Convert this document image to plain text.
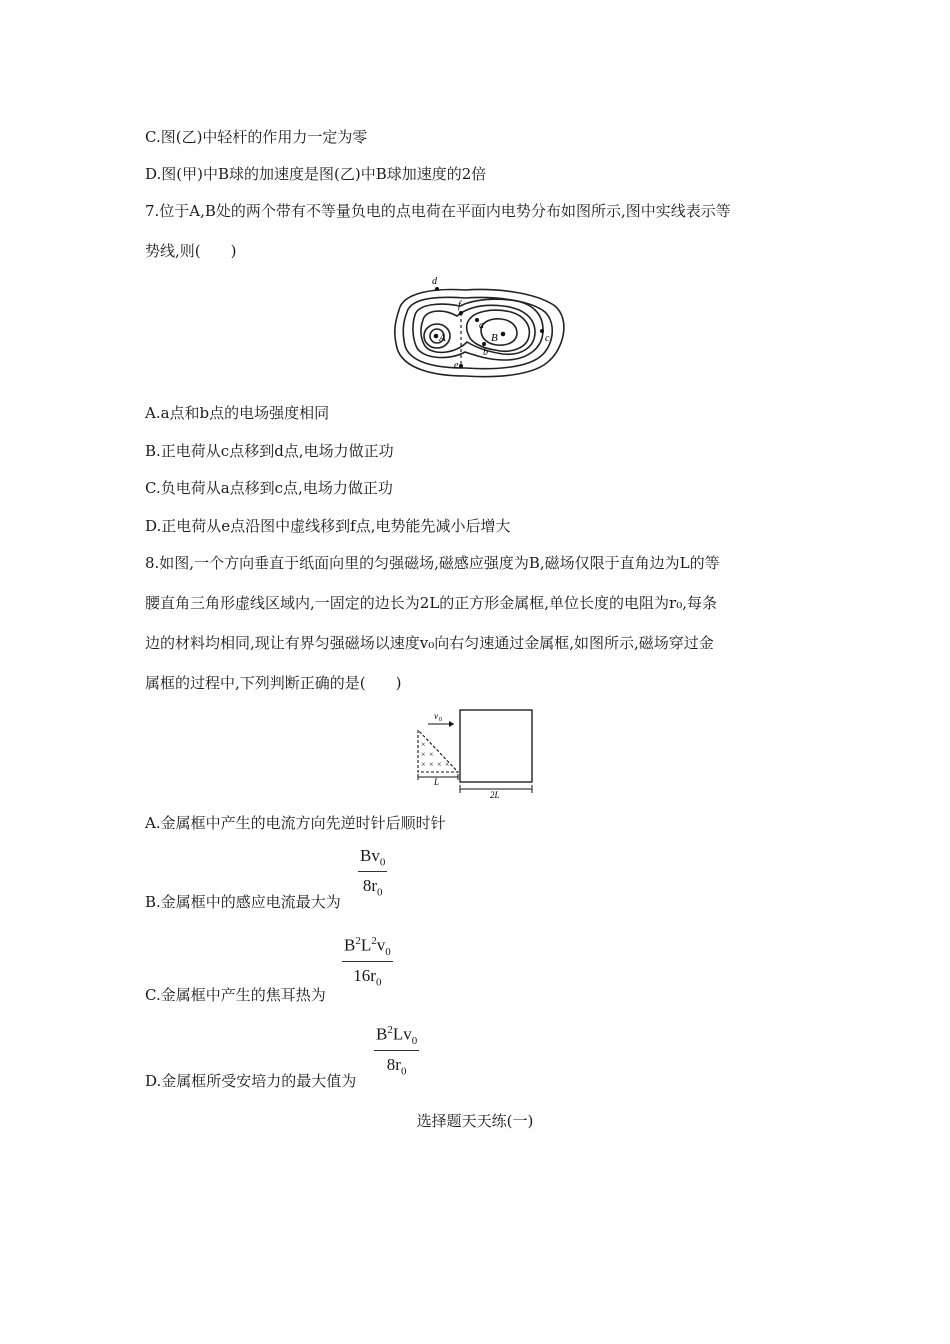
C.图(乙)中轻杆的作用力一定为零
D.图(甲)中B球的加速度是图(乙)中B球加速度的2倍
7.位于A,B处的两个带有不等量负电的点电荷在平面内电势分布如图所示,图中实线表示等
势线,则(　　)
A	B
a
b
c
d
e
f
A.a点和b点的电场强度相同
B.正电荷从c点移到d点,电场力做正功
C.负电荷从a点移到c点,电场力做正功
D.正电荷从e点沿图中虚线移到f点,电势能先减小后增大
8.如图,一个方向垂直于纸面向里的匀强磁场,磁感应强度为B,磁场仅限于直角边为L的等
腰直角三角形虚线区域内,一固定的边长为2L的正方形金属框,单位长度的电阻为r₀,每条
边的材料均相同,现让有界匀强磁场以速度v₀向右匀速通过金属框,如图所示,磁场穿过金
属框的过程中,下列判断正确的是(　　)
×
× ×
× × × ×
v 0
L
2L
A.金属框中产生的电流方向先逆时针后顺时针
$\frac{Bv_0}{8r_0}$
B.金属框中的感应电流最大为
$\frac{B^2L^2v_0}{16r_0}$
C.金属框中产生的焦耳热为
$\frac{B^2Lv_0}{8r_0}$
D.金属框所受安培力的最大值为
选择题天天练(一)
